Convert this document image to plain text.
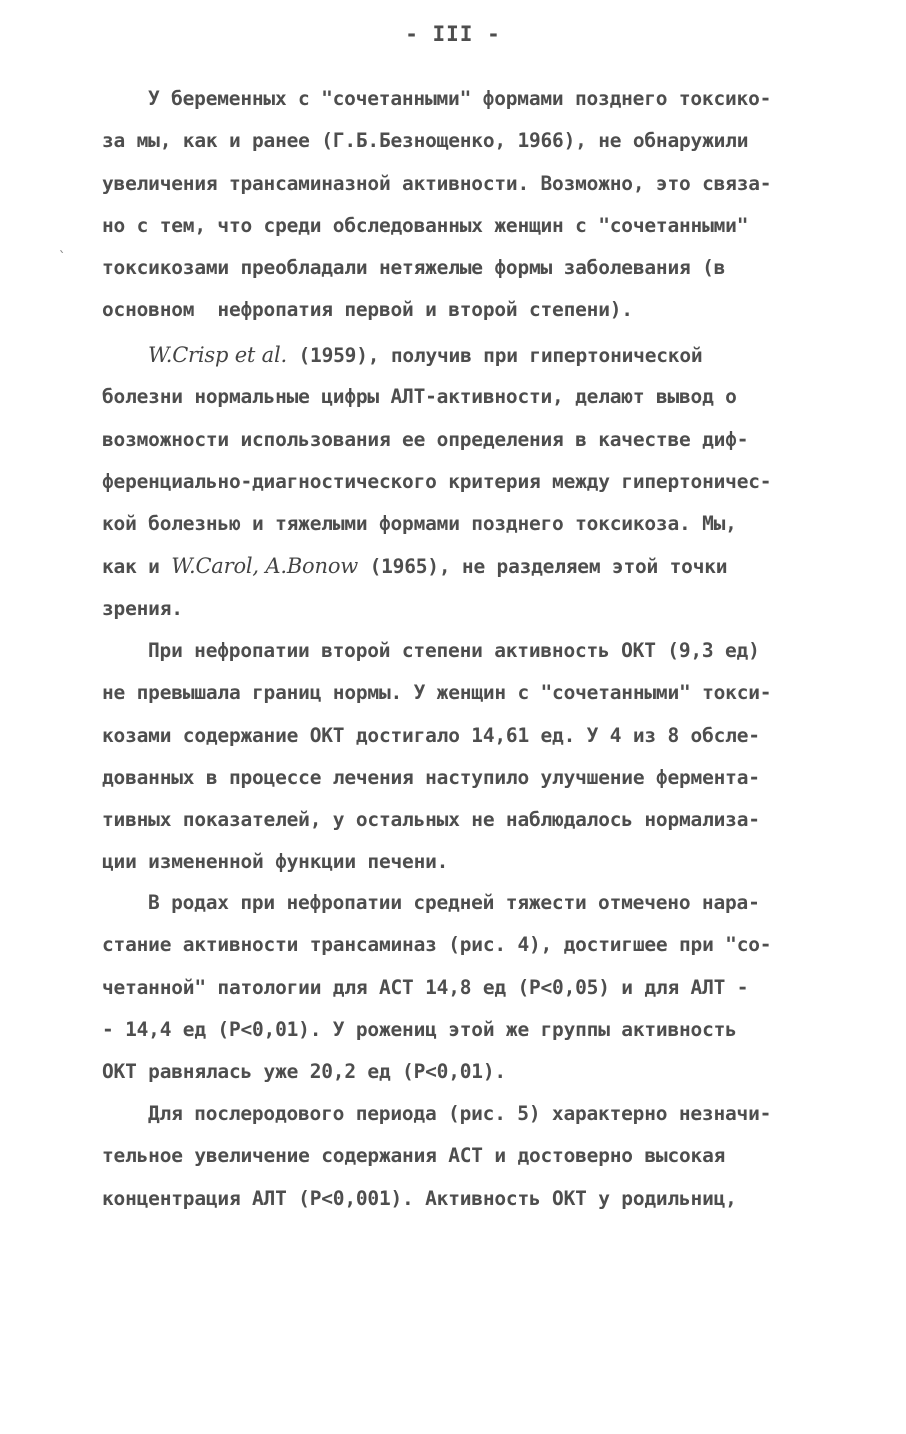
- III -
`
У беременных с "сочетанными" формами позднего токсико-
за мы, как и ранее (Г.Б.Безнощенко, 1966), не обнаружили
увеличения трансаминазной активности. Возможно, это связа-
но с тем, что среди обследованных женщин с "сочетанными"
токсикозами преобладали нетяжелые формы заболевания (в
основном  нефропатия первой и второй степени).
W.Crisp et al. (1959), получив при гипертонической
болезни нормальные цифры АЛТ-активности, делают вывод о
возможности использования ее определения в качестве диф-
ференциально-диагностического критерия между гипертоничес-
кой болезнью и тяжелыми формами позднего токсикоза. Мы,
как и W.Carol, A.Bonow (1965), не разделяем этой точки
зрения.
При нефропатии второй степени активность ОКТ (9,3 ед)
не превышала границ нормы. У женщин с "сочетанными" токси-
козами содержание ОКТ достигало 14,61 ед. У 4 из 8 обсле-
дованных в процессе лечения наступило улучшение ферментa-
тивных показателей, у остальных не наблюдалось нормализа-
ции измененной функции печени.
В родах при нефропатии средней тяжести отмечено нара-
стание активности трансаминаз (рис. 4), достигшее при "со-
четанной" патологии для АСТ 14,8 ед (Р<0,05) и для АЛТ -
- 14,4 ед (Р<0,01). У рожениц этой же группы активность
ОКТ равнялась уже 20,2 ед (Р<0,01).
Для послеродового периода (рис. 5) характерно незначи-
тельное увеличение содержания АСТ и достоверно высокая
концентрация АЛТ (Р<0,001). Активность ОКТ у родильниц,
